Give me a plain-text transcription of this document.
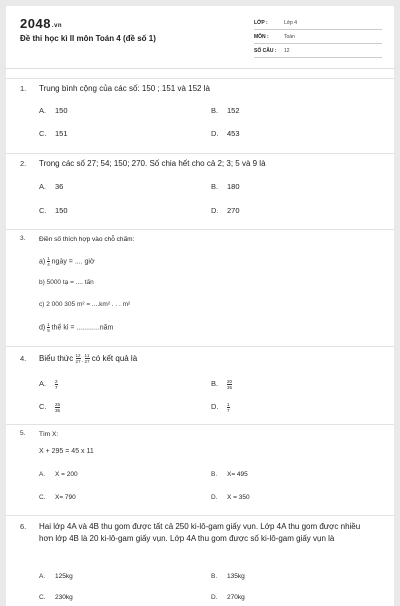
2048.vn
Đề thi học kì II môn Toán 4 (đề số 1)
LỚP :	Lớp 4
MÔN :	Toán
SỐ CÂU : 12
1. Trung bình cộng của các số: 150 ; 151 và 152 là
A. 150	B. 152
C. 151	D. 453
2. Trong các số 27; 54; 150; 270. Số chia hết cho cả 2; 3; 5 và 9 là
A. 36	B. 180
C. 150	D. 270
3. Điền số thích hợp vào chỗ chấm:
$a) \frac{1}{4}$ ngày = .... giờ
b) 5000 tạ = .... tấn
c) 2 000 305 m² = ....km² . . . m²
$d) \frac{1}{5}$ thế kỉ = ............năm
4. Biểu thức $\frac{1}{2} \frac{2}{7} - \frac{1}{2} \frac{1}{7}$ có kết quả là
A. $\frac{2}{7}$	B. $\frac{20}{35}$
C. $\frac{25}{35}$	D. $\frac{1}{7}$
5. Tìm X:
X + 295 = 45 x 11
A. X = 200	B. X= 495
C. X= 790	D. X = 350
6. Hai lớp 4A và 4B thu gom được tất cả 250 ki-lô-gam giấy vụn. Lớp 4A thu gom được nhiều hơn lớp 4B là 20 ki-lô-gam giấy vụn. Lớp 4A thu gom được số ki-lô-gam giấy vụn là
A. 125kg	B. 135kg
C. 230kg	D. 270kg
